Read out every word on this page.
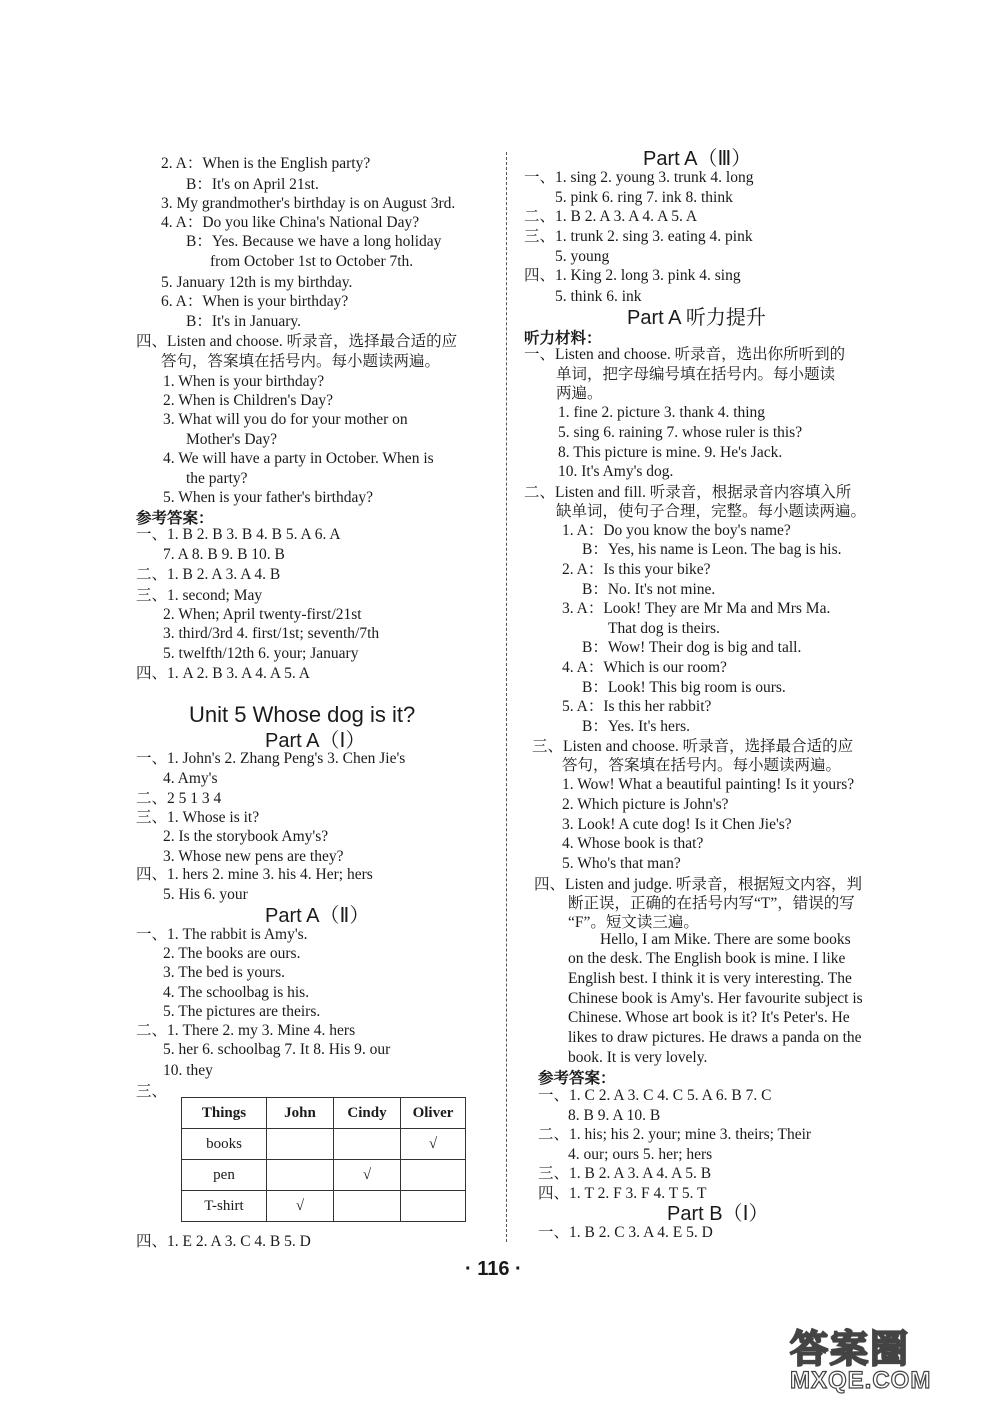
2. A：When is the English party?
B：It's on April 21st.
3. My grandmother's birthday is on August 3rd.
4. A：Do you like China's National Day?
B：Yes. Because we have a long holiday
from October 1st to October 7th.
5. January 12th is my birthday.
6. A：When is your birthday?
B：It's in January.
四、Listen and choose. 听录音，选择最合适的应
答句，答案填在括号内。每小题读两遍。
1. When is your birthday?
2. When is Children's Day?
3. What will you do for your mother on
Mother's Day?
4. We will have a party in October. When is
the party?
5. When is your father's birthday?
参考答案：
一、1. B 2. B 3. B 4. B 5. A 6. A
7. A 8. B 9. B 10. B
二、1. B 2. A 3. A 4. B
三、1. second; May
2. When; April twenty-first/21st
3. third/3rd 4. first/1st; seventh/7th
5. twelfth/12th 6. your; January
四、1. A 2. B 3. A 4. A 5. A
一、1. John's 2. Zhang Peng's 3. Chen Jie's
4. Amy's
二、2 5 1 3 4
三、1. Whose is it?
2. Is the storybook Amy's?
3. Whose new pens are they?
四、1. hers 2. mine 3. his 4. Her; hers
5. His 6. your
一、1. The rabbit is Amy's.
2. The books are ours.
3. The bed is yours.
4. The schoolbag is his.
5. The pictures are theirs.
二、1. There 2. my 3. Mine 4. hers
5. her 6. schoolbag 7. It 8. His 9. our
10. they
三、
四、1. E 2. A 3. C 4. B 5. D
一、1. sing 2. young 3. trunk 4. long
5. pink 6. ring 7. ink 8. think
二、1. B 2. A 3. A 4. A 5. A
三、1. trunk 2. sing 3. eating 4. pink
5. young
四、1. King 2. long 3. pink 4. sing
5. think 6. ink
听力材料：
一、Listen and choose. 听录音，选出你所听到的
单词，把字母编号填在括号内。每小题读
两遍。
1. fine 2. picture 3. thank 4. thing
5. sing 6. raining 7. whose ruler is this?
8. This picture is mine. 9. He's Jack.
10. It's Amy's dog.
二、Listen and fill. 听录音，根据录音内容填入所
缺单词，使句子合理，完整。每小题读两遍。
1. A：Do you know the boy's name?
B：Yes, his name is Leon. The bag is his.
2. A：Is this your bike?
B：No. It's not mine.
3. A：Look! They are Mr Ma and Mrs Ma.
That dog is theirs.
B：Wow! Their dog is big and tall.
4. A：Which is our room?
B：Look! This big room is ours.
5. A：Is this her rabbit?
B：Yes. It's hers.
三、Listen and choose. 听录音，选择最合适的应
答句，答案填在括号内。每小题读两遍。
1. Wow! What a beautiful painting! Is it yours?
2. Which picture is John's?
3. Look! A cute dog! Is it Chen Jie's?
4. Whose book is that?
5. Who's that man?
四、Listen and judge. 听录音，根据短文内容，判
断正误，正确的在括号内写“T”，错误的写
“F”。短文读三遍。
Hello, I am Mike. There are some books
on the desk. The English book is mine. I like
English best. I think it is very interesting. The
Chinese book is Amy's. Her favourite subject is
Chinese. Whose art book is it? It's Peter's. He
likes to draw pictures. He draws a panda on the
book. It is very lovely.
参考答案：
一、1. C 2. A 3. C 4. C 5. A 6. B 7. C
8. B 9. A 10. B
二、1. his; his 2. your; mine 3. theirs; Their
4. our; ours 5. her; hers
三、1. B 2. A 3. A 4. A 5. B
四、1. T 2. F 3. F 4. T 5. T
一、1. B 2. C 3. A 4. E 5. D
Unit 5 Whose dog is it?
Part A（Ⅰ）
Part A（Ⅱ）
Part A（Ⅲ）
Part A 听力提升
Part B（Ⅰ）
Things	John	Cindy	Oliver
books			√
pen		√	
T-shirt	√		
· 116 ·
答案圈
MXQE.COM
